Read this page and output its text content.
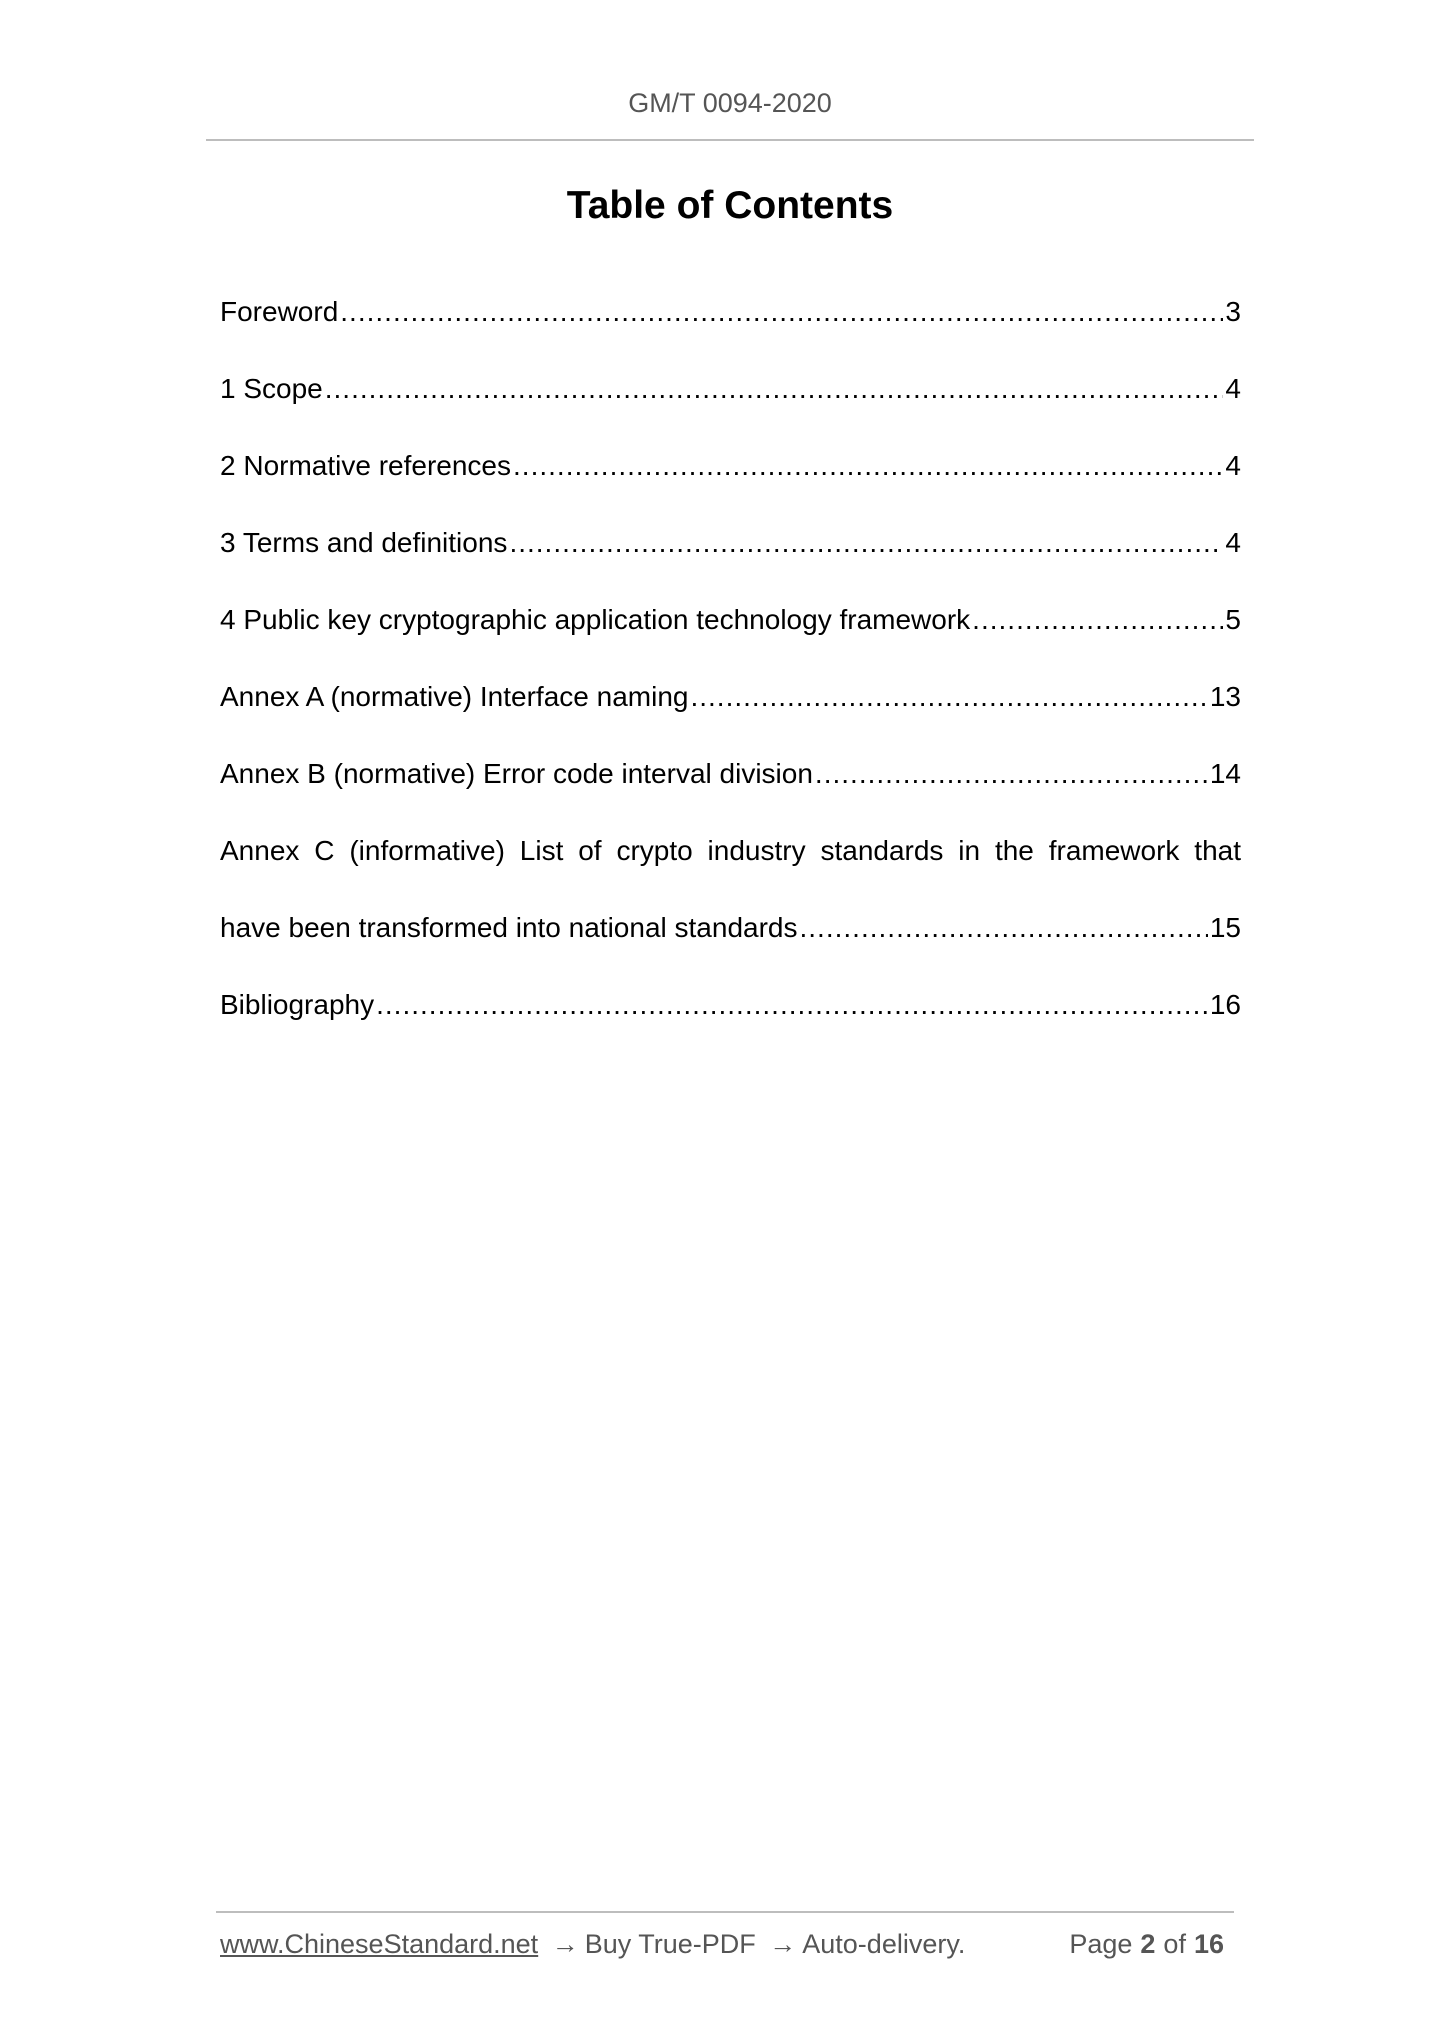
GM/T 0094-2020
Table of Contents
Foreword .....	3
1 Scope .....	4
2 Normative references .....	4
3 Terms and definitions .....	4
4 Public key cryptographic application technology framework .....	5
Annex A (normative) Interface naming .....	13
Annex B (normative) Error code interval division .....	14
Annex C (informative) List of crypto industry standards in the framework that
have been transformed into national standards .....	15
Bibliography .....	16
www.ChineseStandard.net → Buy True-PDF → Auto-delivery.	Page 2 of 16
